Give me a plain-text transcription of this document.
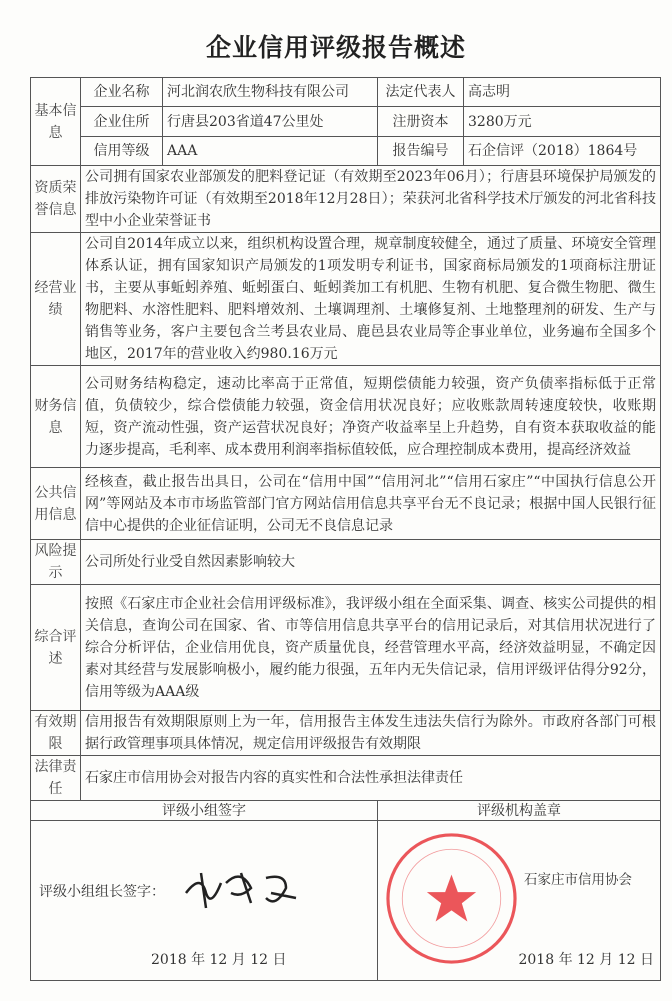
企业信用评级报告概述
基本信息	企业名称	河北润农欣生物科技有限公司	法定代表人	高志明
	企业住所	行唐县203省道47公里处	注册资本	3280万元
	信用等级	AAA	报告编号	石企信评（2018）1864号
资质荣誉信息	公司拥有国家农业部颁发的肥料登记证（有效期至2023年06月）；行唐县环境保护局颁发的排放污染物许可证（有效期至2018年12月28日）；荣获河北省科学技术厅颁发的河北省科技型中小企业荣誉证书			
经营业绩	公司自2014年成立以来，组织机构设置合理，规章制度较健全，通过了质量、环境安全管理体系认证，拥有国家知识产局颁发的1项发明专利证书，国家商标局颁发的1项商标注册证书，主要从事蚯蚓养殖、蚯蚓蛋白、蚯蚓粪加工有机肥、生物有机肥、复合微生物肥、微生物肥料、水溶性肥料、肥料增效剂、土壤调理剂、土壤修复剂、土地整理剂的研发、生产与销售等业务，客户主要包含兰考县农业局、鹿邑县农业局等企事业单位，业务遍布全国多个地区，2017年的营业收入约980.16万元			
财务信息	公司财务结构稳定，速动比率高于正常值，短期偿债能力较强，资产负债率指标低于正常值，负债较少，综合偿债能力较强，资金信用状况良好；应收账款周转速度较快，收账期短，资产流动性强，资产运营状况良好；净资产收益率呈上升趋势，自有资本获取收益的能力逐步提高，毛利率、成本费用利润率指标值较低，应合理控制成本费用，提高经济效益			
公共信用信息	经核查，截止报告出具日，公司在“信用中国”“信用河北”“信用石家庄”“中国执行信息公开网”等网站及本市市场监管部门官方网站信用信息共享平台无不良记录；根据中国人民银行征信中心提供的企业征信证明，公司无不良信息记录			
风险提示	公司所处行业受自然因素影响较大			
综合评述	按照《石家庄市企业社会信用评级标准》，我评级小组在全面采集、调查、核实公司提供的相关信息，查询公司在国家、省、市等信用信息共享平台的信用记录后，对其信用状况进行了综合分析评估，企业信用优良，资产质量优良，经营管理水平高，经济效益明显，不确定因素对其经营与发展影响极小，履约能力很强，五年内无失信记录，信用评级评估得分92分，信用等级为AAA级			
有效期限	信用报告有效期限原则上为一年，信用报告主体发生违法失信行为除外。市政府各部门可根据行政管理事项具体情况，规定信用评级报告有效期限			
法律责任	石家庄市信用协会对报告内容的真实性和合法性承担法律责任			
评级小组签字			评级机构盖章	

评级小组组长签字：
2018 年 12 月 12 日			石家庄市信用协会
2018 年 12 月 12 日	
